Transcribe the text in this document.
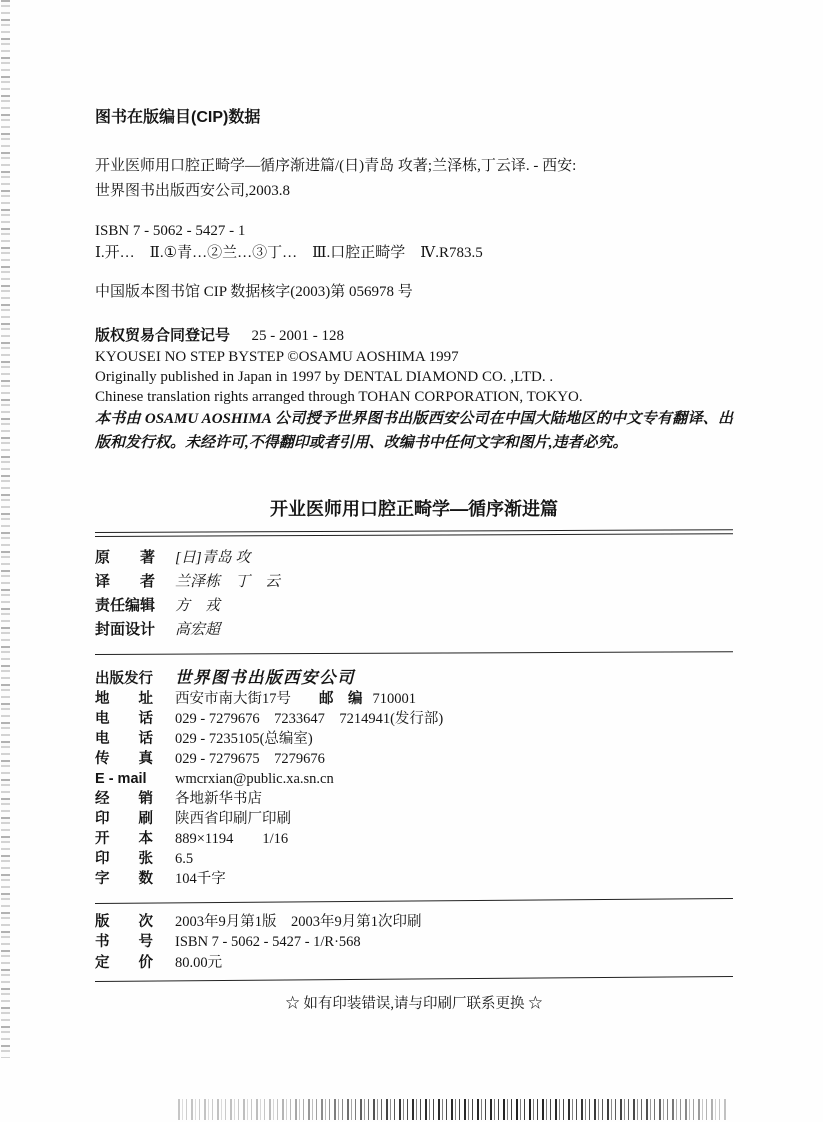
图书在版编目(CIP)数据

开业医师用口腔正畸学—循序渐进篇/(日)青岛 攻著;兰泽栋,丁云译. - 西安:
世界图书出版西安公司,2003.8

ISBN 7 - 5062 - 5427 - 1

Ⅰ.开…　Ⅱ.①青…②兰…③丁…　Ⅲ.口腔正畸学　Ⅳ.R783.5

中国版本图书馆 CIP 数据核字(2003)第 056978 号

版权贸易合同登记号 25 - 2001 - 128

KYOUSEI NO STEP BYSTEP ©OSAMU AOSHIMA 1997

Originally published in Japan in 1997 by DENTAL DIAMOND CO. ,LTD. .

Chinese translation rights arranged through TOHAN CORPORATION, TOKYO.

本书由 OSAMU AOSHIMA 公司授予世界图书出版西安公司在中国大陆地区的中文专有翻译、出版和发行权。未经许可,不得翻印或者引用、改编书中任何文字和图片,违者必究。

开业医师用口腔正畸学—循序渐进篇
原　　著 [日]青岛 攻
译　　者 兰泽栋　丁　云
责任编辑 方　戎
封面设计 高宏超
出版发行 世界图书出版西安公司
地　　址 西安市南大街17号 邮　编 710001
电　　话 029 - 7279676　7233647　7214941(发行部)
电　　话 029 - 7235105(总编室)
传　　真 029 - 7279675　7279676
E - mail wmcrxian@public.xa.sn.cn
经　　销 各地新华书店
印　　刷 陕西省印刷厂印刷
开　　本 889×1194　　1/16
印　　张 6.5
字　　数 104千字
版　　次 2003年9月第1版　2003年9月第1次印刷
书　　号 ISBN 7 - 5062 - 5427 - 1/R·568
定　　价 80.00元

☆ 如有印装错误,请与印刷厂联系更换 ☆
